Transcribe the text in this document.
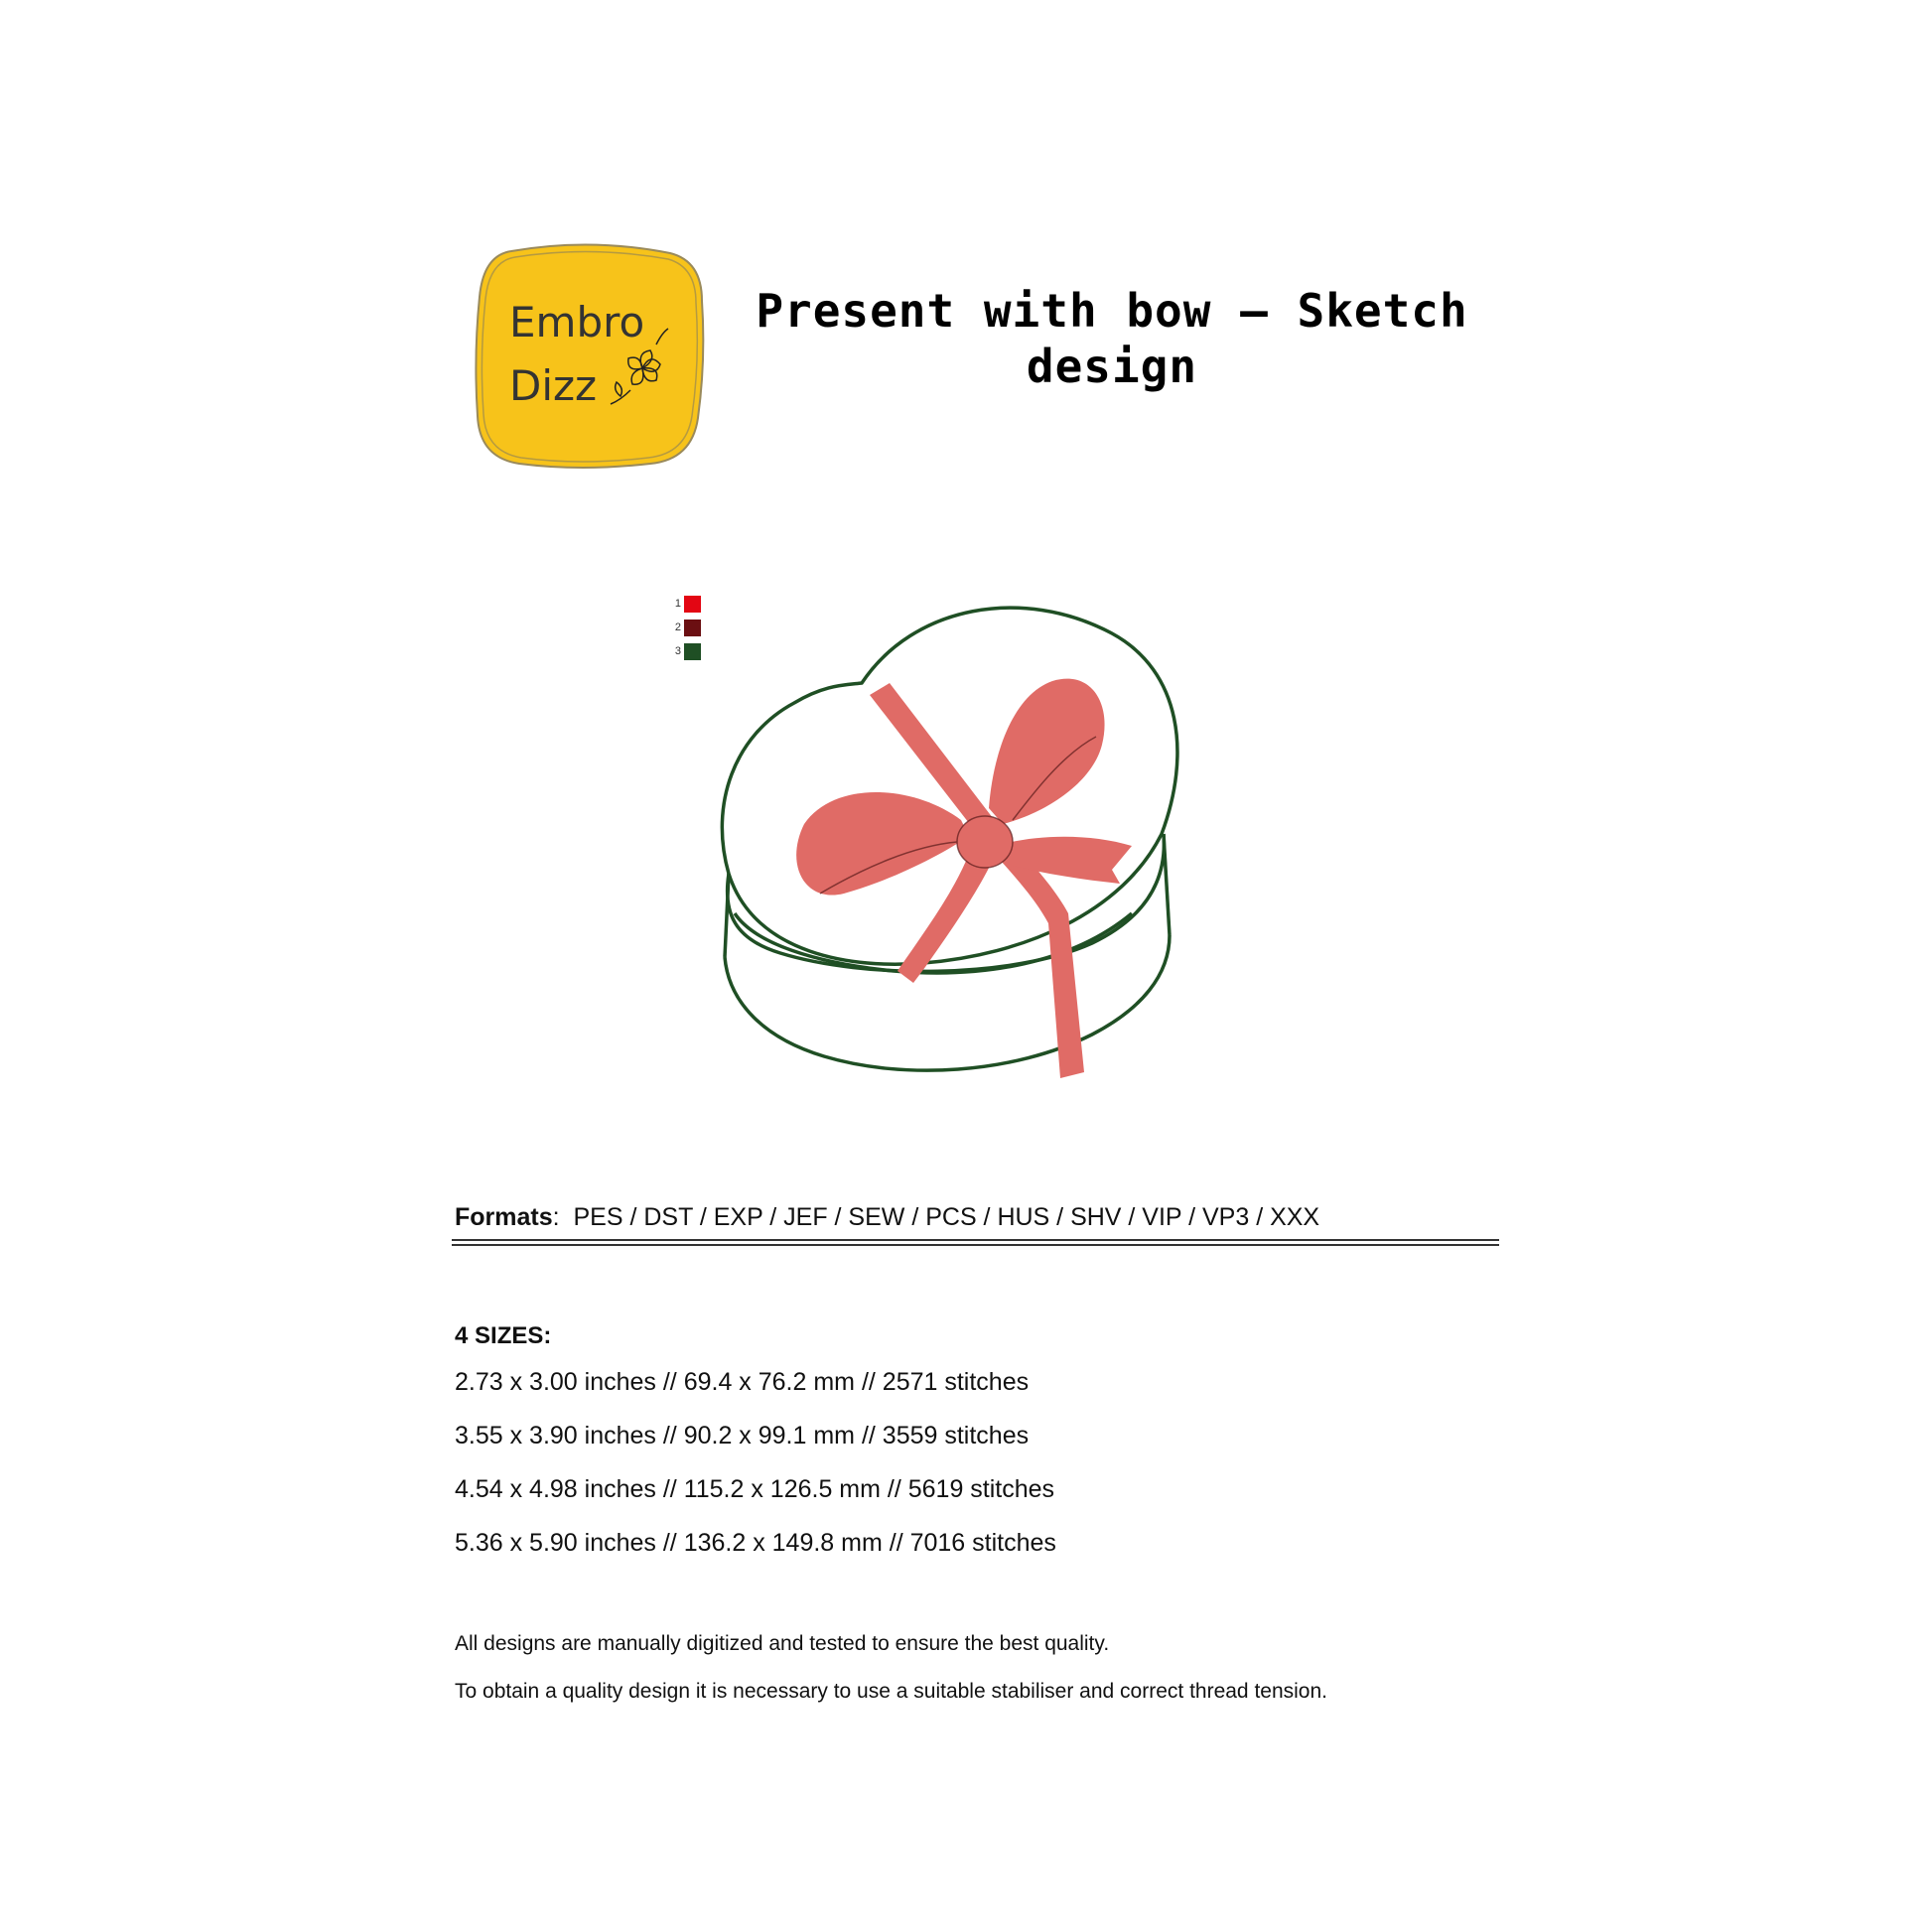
Embro
Dizz
Present with bow – Sketch
design
1
2
3
Formats:  PES / DST / EXP / JEF / SEW / PCS / HUS / SHV / VIP / VP3 / XXX
4 SIZES:
2.73 x 3.00 inches // 69.4 x 76.2 mm // 2571 stitches
3.55 x 3.90 inches // 90.2 x 99.1 mm // 3559 stitches
4.54 x 4.98 inches // 115.2 x 126.5 mm // 5619 stitches
5.36 x 5.90 inches // 136.2 x 149.8 mm // 7016 stitches
All designs are manually digitized and tested to ensure the best quality.
To obtain a quality design it is necessary to use a suitable stabiliser and correct thread tension.
